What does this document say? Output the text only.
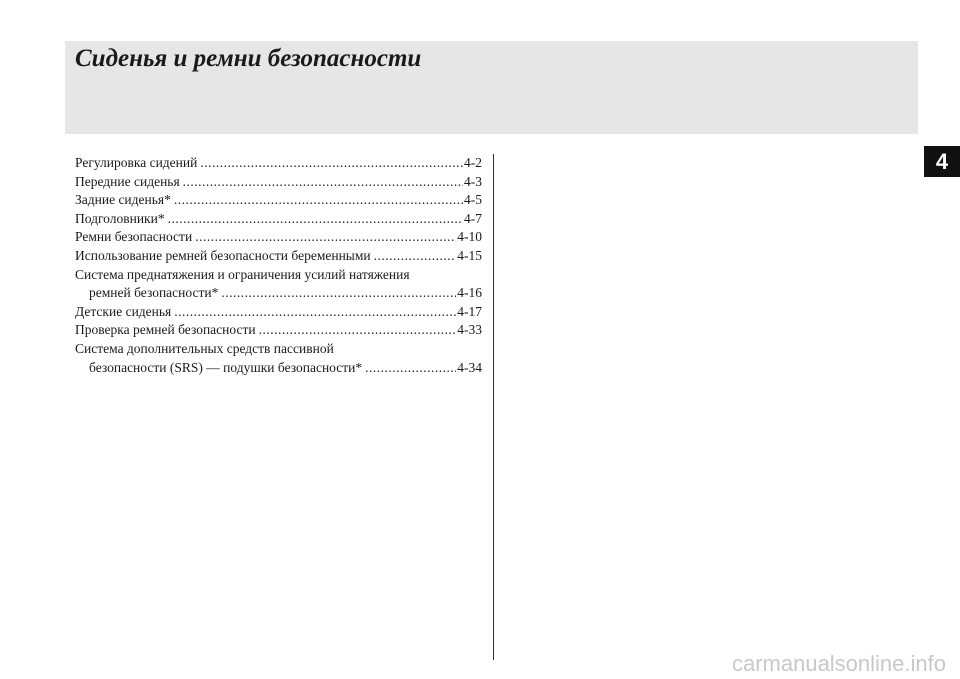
Сиденья и ремни безопасности
4
Регулировка сидений .....	4-2
Передние сиденья .....	4-3
Задние сиденья* .....	4-5
Подголовники* .....	4-7
Ремни безопасности .....	4-10
Использование ремней безопасности беременными .....	4-15
Система преднатяжения и ограничения усилий натяжения
ремней безопасности* .....	4-16
Детские сиденья .....	4-17
Проверка ремней безопасности .....	4-33
Система дополнительных средств пассивной
безопасности (SRS) — подушки безопасности* .....	4-34
carmanualsonline.info
